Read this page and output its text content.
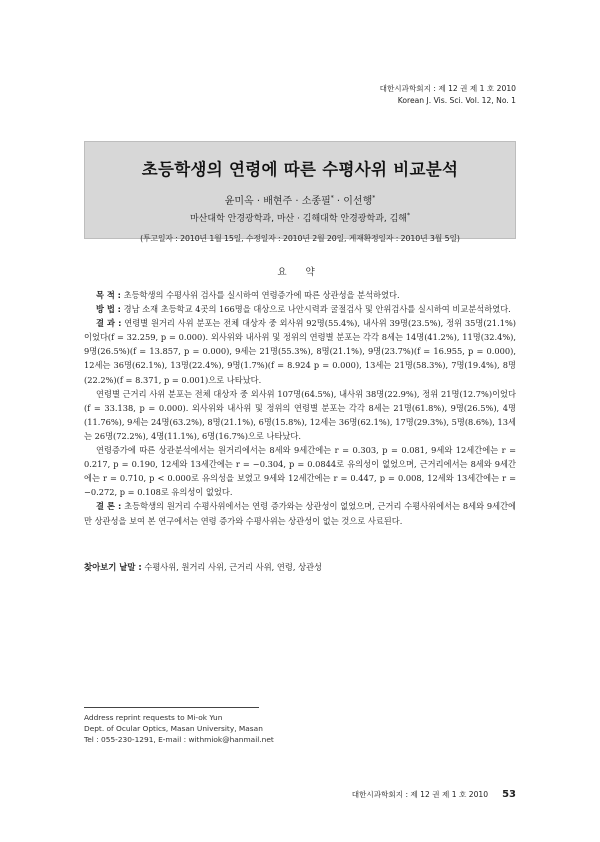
대한시과학회지 : 제 12 권 제 1 호 2010
Korean J. Vis. Sci. Vol. 12, No. 1
초등학생의 연령에 따른 수평사위 비교분석
윤미옥 · 배현주 · 소종필* · 이선행*
마산대학 안경광학과, 마산 · 김해대학 안경광학과, 김해*
(투고일자 : 2010년 1월 15일, 수정일자 : 2010년 2월 20일, 게재확정일자 : 2010년 3월 5일)
요 약

목 적 : 초등학생의 수평사위 검사를 실시하여 연령증가에 따른 상관성을 분석하였다.

방 법 : 경남 소재 초등학교 4곳의 166명을 대상으로 나안시력과 굴절검사 및 안위검사를 실시하여 비교분석하였다.

결 과 : 연령별 원거리 사위 분포는 전체 대상자 중 외사위 92명(55.4%), 내사위 39명(23.5%), 정위 35명(21.1%)이었다(f = 32.259, p = 0.000). 외사위와 내사위 및 정위의 연령별 분포는 각각 8세는 14명(41.2%), 11명(32.4%), 9명(26.5%)(f = 13.857, p = 0.000), 9세는 21명(55.3%), 8명(21.1%), 9명(23.7%)(f = 16.955, p = 0.000), 12세는 36명(62.1%), 13명(22.4%), 9명(1.7%)(f = 8.924 p = 0.000), 13세는 21명(58.3%), 7명(19.4%), 8명(22.2%)(f = 8.371, p = 0.001)으로 나타났다.

연령별 근거리 사위 분포는 전체 대상자 중 외사위 107명(64.5%), 내사위 38명(22.9%), 정위 21명(12.7%)이었다(f = 33.138, p = 0.000). 외사위와 내사위 및 정위의 연령별 분포는 각각 8세는 21명(61.8%), 9명(26.5%), 4명(11.76%), 9세는 24명(63.2%), 8명(21.1%), 6명(15.8%), 12세는 36명(62.1%), 17명(29.3%), 5명(8.6%), 13세는 26명(72.2%), 4명(11.1%), 6명(16.7%)으로 나타났다.

연령증가에 따른 상관분석에서는 원거리에서는 8세와 9세간에는 r = 0.303, p = 0.081, 9세와 12세간에는 r = 0.217, p = 0.190, 12세와 13세간에는 r = −0.304, p = 0.0844로 유의성이 없었으며, 근거리에서는 8세와 9세간에는 r = 0.710, p < 0.000로 유의성을 보였고 9세와 12세간에는 r = 0.447, p = 0.008, 12세와 13세간에는 r = −0.272, p = 0.108로 유의성이 없었다.

결 론 : 초등학생의 원거리 수평사위에서는 연령 증가와는 상관성이 없었으며, 근거리 수평사위에서는 8세와 9세간에만 상관성을 보여 본 연구에서는 연령 증가와 수평사위는 상관성이 없는 것으로 사료된다.

찾아보기 낱말 : 수평사위, 원거리 사위, 근거리 사위, 연령, 상관성
Address reprint requests to Mi-ok Yun
Dept. of Ocular Optics, Masan University, Masan
Tel : 055-230-1291, E-mail : withmiok@hanmail.net
대한시과학회지 : 제 12 권 제 1 호 2010 53
